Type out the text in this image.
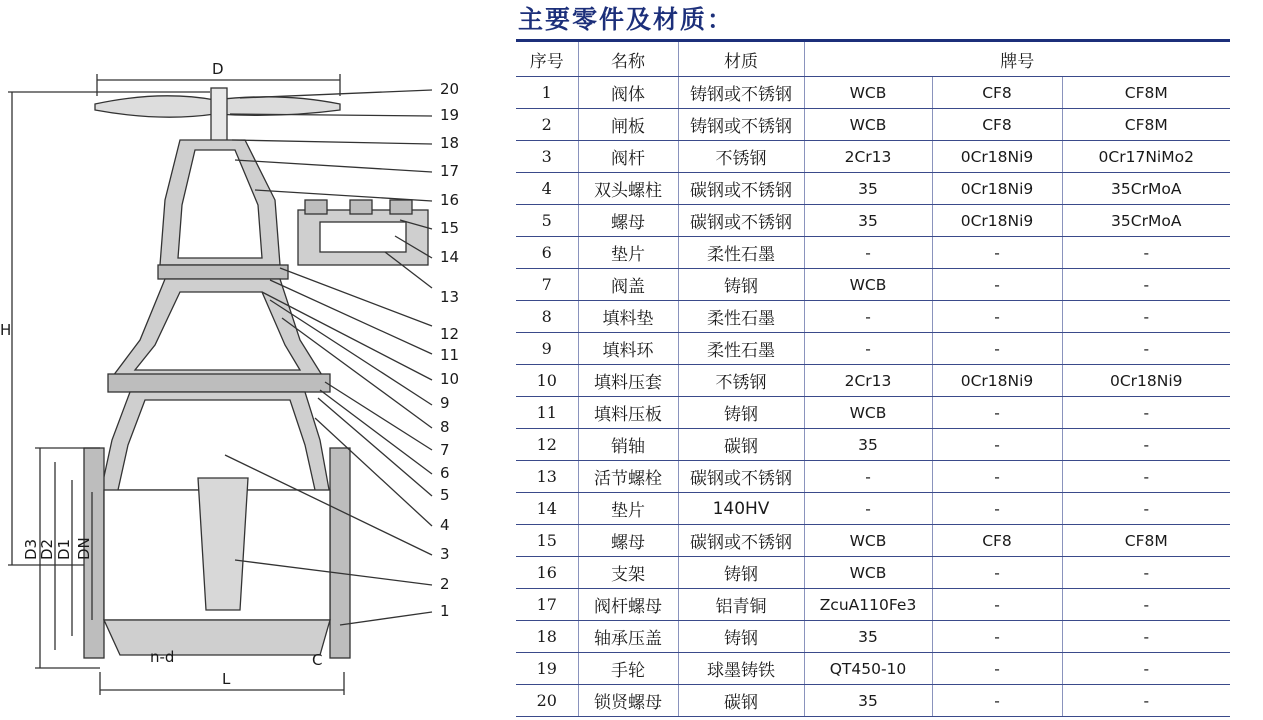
20
19
18
17
16
15
14
13
12
11
10
9
8
7
6
5
4
3
2
1
D
H
L
n-d	C
D3
D2 D1 DN
主要零件及材质：
序号	名称	材质	牌号		
1	阀体	铸钢或不锈钢	WCB	CF8	CF8M
2	闸板	铸钢或不锈钢	WCB	CF8	CF8M
3	阀杆	不锈钢	2Cr13	0Cr18Ni9	0Cr17NiMo2
4	双头螺柱	碳钢或不锈钢	35	0Cr18Ni9	35CrMoA
5	螺母	碳钢或不锈钢	35	0Cr18Ni9	35CrMoA
6	垫片	柔性石墨	-	-	-
7	阀盖	铸钢	WCB	-	-
8	填料垫	柔性石墨	-	-	-
9	填料环	柔性石墨	-	-	-
10	填料压套	不锈钢	2Cr13	0Cr18Ni9	0Cr18Ni9
11	填料压板	铸钢	WCB	-	-
12	销轴	碳钢	35	-	-
13	活节螺栓	碳钢或不锈钢	-	-	-
14	垫片	140HV	-	-	-
15	螺母	碳钢或不锈钢	WCB	CF8	CF8M
16	支架	铸钢	WCB	-	-
17	阀杆螺母	铝青铜	ZcuA110Fe3	-	-
18	轴承压盖	铸钢	35	-	-
19	手轮	球墨铸铁	QT450-10	-	-
20	锁贤螺母	碳钢	35	-	-
